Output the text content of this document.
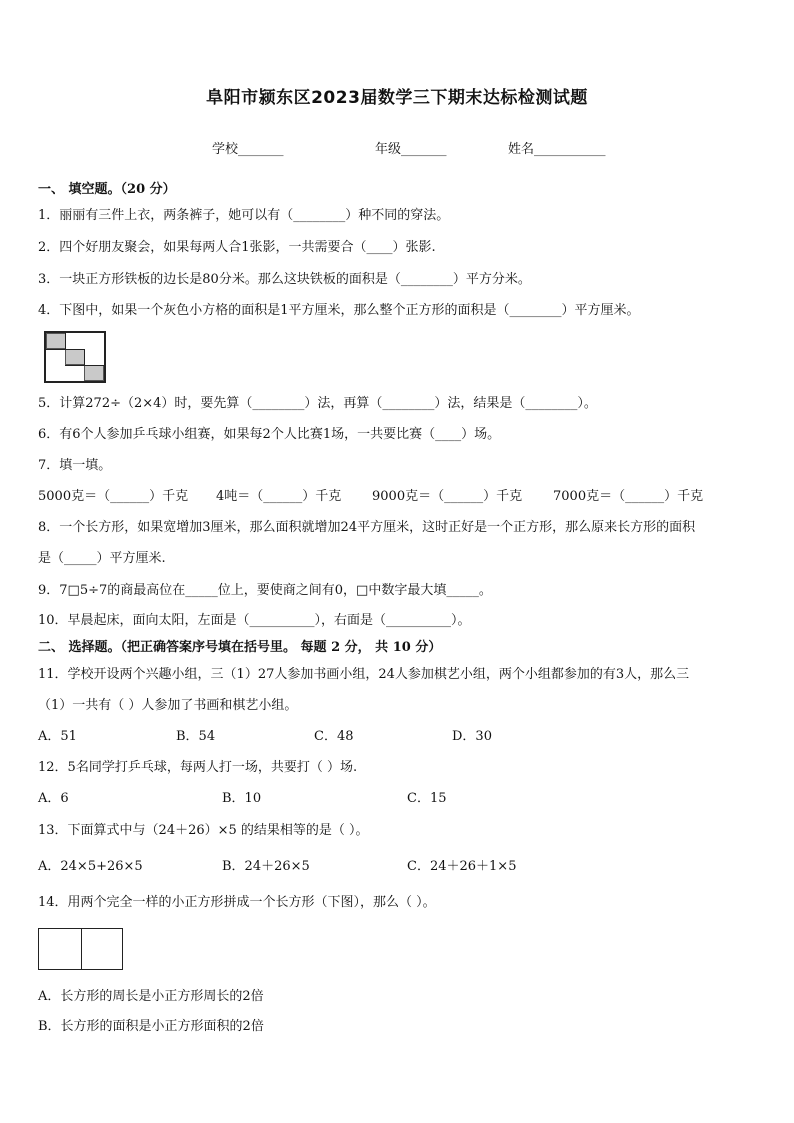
阜阳市颍东区2023届数学三下期末达标检测试题
学校_______	年级_______	姓名___________
一、 填空题。（20 分）
1．丽丽有三件上衣，两条裤子，她可以有（________）种不同的穿法。
2．四个好朋友聚会，如果每两人合1张影，一共需要合（____）张影.
3．一块正方形铁板的边长是80分米。那么这块铁板的面积是（________）平方分米。
4．下图中，如果一个灰色小方格的面积是1平方厘米，那么整个正方形的面积是（________）平方厘米。
5．计算272÷（2×4）时，要先算（________）法，再算（________）法，结果是（________）。
6．有6个人参加乒乓球小组赛，如果每2个人比赛1场，一共要比赛（____）场。
7．填一填。
5000克＝（______）千克 4吨＝（______）千克 9000克＝（______）千克 7000克＝（______）千克
8．一个长方形，如果宽增加3厘米，那么面积就增加24平方厘米，这时正好是一个正方形，那么原来长方形的面积
是（_____）平方厘米.
9．7□5÷7的商最高位在_____位上，要使商之间有0，□中数字最大填_____。
10．早晨起床，面向太阳，左面是（__________），右面是（__________）。
二、 选择题。（把正确答案序号填在括号里。 每题 2 分， 共 10 分）
11．学校开设两个兴趣小组，三（1）27人参加书画小组，24人参加棋艺小组，两个小组都参加的有3人，那么三
（1）一共有（ ）人参加了书画和棋艺小组。
A．51	B．54	C．48	D．30
12．5名同学打乒乓球，每两人打一场，共要打（ ）场.
A．6	B．10	C．15
13．下面算式中与（24＋26）×5 的结果相等的是（ ）。
A．24×5+26×5	B．24＋26×5	C．24＋26＋1×5
14．用两个完全一样的小正方形拼成一个长方形（下图），那么（ ）。
A．长方形的周长是小正方形周长的2倍
B．长方形的面积是小正方形面积的2倍
